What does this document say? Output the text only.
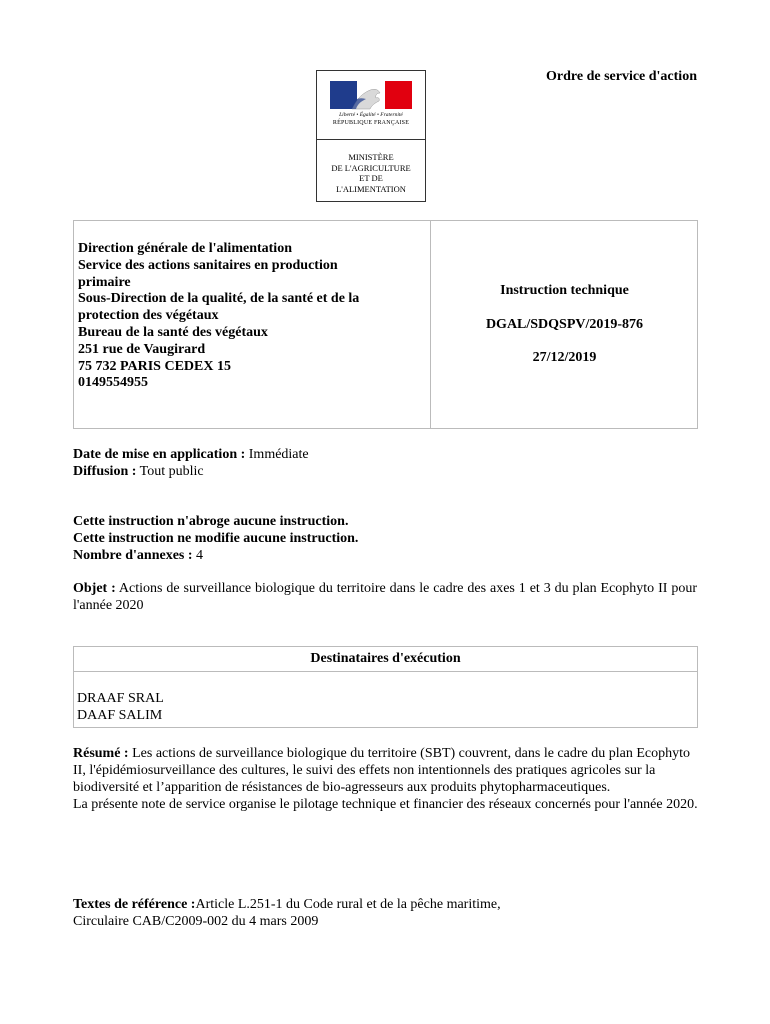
Ordre de service d'action
Liberté • Égalité • Fraternité
RÉPUBLIQUE FRANÇAISE
MINISTÈRE
DE L'AGRICULTURE
ET DE
L'ALIMENTATION
Direction générale de l'alimentation
Service des actions sanitaires en production
primaire
Sous-Direction de la qualité, de la santé et de la
protection des végétaux
Bureau de la santé des végétaux
251 rue de Vaugirard
75 732 PARIS CEDEX 15
0149554955
Instruction technique
DGAL/SDQSPV/2019-876
27/12/2019
Date de mise en application : Immédiate
Diffusion : Tout public
Cette instruction n'abroge aucune instruction.
Cette instruction ne modifie aucune instruction.
Nombre d'annexes : 4
Objet : Actions de surveillance biologique du territoire dans le cadre des axes 1 et 3 du plan Ecophyto II pour l'année 2020
Destinataires d'exécution
DRAAF SRAL
DAAF SALIM
Résumé : Les actions de surveillance biologique du territoire (SBT) couvrent, dans le cadre du plan Ecophyto II, l'épidémiosurveillance des cultures, le suivi des effets non intentionnels des pratiques agricoles sur la biodiversité et l’apparition de résistances de bio-agresseurs aux produits phytopharmaceutiques.
La présente note de service organise le pilotage technique et financier des réseaux concernés pour l'année 2020.
Textes de référence :Article L.251-1 du Code rural et de la pêche maritime,
Circulaire CAB/C2009-002 du 4 mars 2009
